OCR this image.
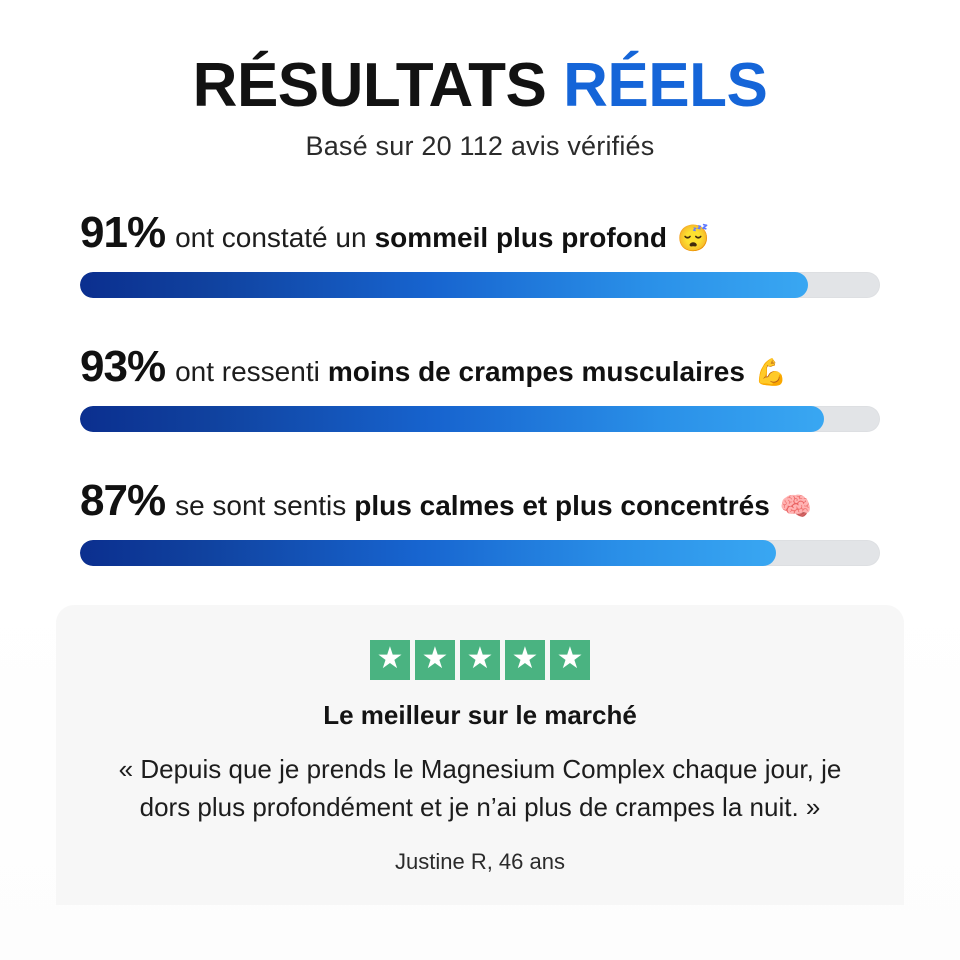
RÉSULTATS RÉELS

Basé sur 20 112 avis vérifiés

91% ont constaté un sommeil plus profond 😴
93% ont ressenti moins de crampes musculaires 💪
87% se sont sentis plus calmes et plus concentrés 🧠
★ ★ ★ ★ ★

Le meilleur sur le marché

« Depuis que je prends le Magnesium Complex chaque jour, je dors plus profondément et je n’ai plus de crampes la nuit. »

Justine R, 46 ans
